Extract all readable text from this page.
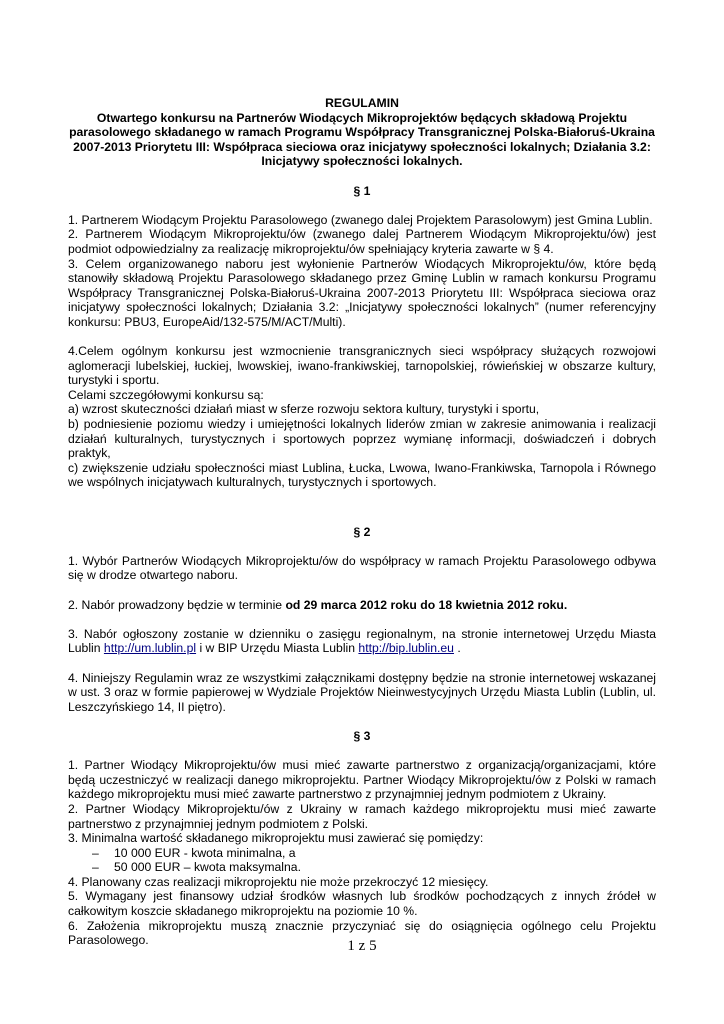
REGULAMIN

Otwartego konkursu na Partnerów Wiodących Mikroprojektów będących składową Projektu parasolowego składanego w ramach Programu Współpracy Transgranicznej Polska-Białoruś-Ukraina 2007-2013 Priorytetu III: Współpraca sieciowa oraz inicjatywy społeczności lokalnych; Działania 3.2: Inicjatywy społeczności lokalnych.

§ 1

1. Partnerem Wiodącym Projektu Parasolowego (zwanego dalej Projektem Parasolowym) jest Gmina Lublin.

2. Partnerem Wiodącym Mikroprojektu/ów (zwanego dalej Partnerem Wiodącym Mikroprojektu/ów) jest podmiot odpowiedzialny za realizację mikroprojektu/ów spełniający kryteria zawarte w § 4.

3. Celem organizowanego naboru jest wyłonienie Partnerów Wiodących Mikroprojektu/ów, które będą stanowiły składową Projektu Parasolowego składanego przez Gminę Lublin w ramach konkursu Programu Współpracy Transgranicznej Polska-Białoruś-Ukraina 2007-2013 Priorytetu III: Współpraca sieciowa oraz inicjatywy społeczności lokalnych; Działania 3.2: „Inicjatywy społeczności lokalnych” (numer referencyjny konkursu: PBU3, EuropeAid/132-575/M/ACT/Multi).

4.Celem ogólnym konkursu jest wzmocnienie transgranicznych sieci współpracy służących rozwojowi aglomeracji lubelskiej, łuckiej, lwowskiej, iwano-frankiwskiej, tarnopolskiej, rówieńskiej w obszarze kultury, turystyki i sportu.

Celami szczegółowymi konkursu są:

a) wzrost skuteczności działań miast w sferze rozwoju sektora kultury, turystyki i sportu,

b) podniesienie poziomu wiedzy i umiejętności lokalnych liderów zmian w zakresie animowania i realizacji działań kulturalnych, turystycznych i sportowych poprzez wymianę informacji, doświadczeń i dobrych praktyk,

c) zwiększenie udziału społeczności miast Lublina, Łucka, Lwowa, Iwano-Frankiwska, Tarnopola i Równego we wspólnych inicjatywach kulturalnych, turystycznych i sportowych.

§ 2

1. Wybór Partnerów Wiodących Mikroprojektu/ów do współpracy w ramach Projektu Parasolowego odbywa się w drodze otwartego naboru.

2. Nabór prowadzony będzie w terminie od 29 marca 2012 roku do 18 kwietnia 2012 roku.

3. Nabór ogłoszony zostanie w dzienniku o zasięgu regionalnym, na stronie internetowej Urzędu Miasta Lublin http://um.lublin.pl i w BIP Urzędu Miasta Lublin http://bip.lublin.eu .

4. Niniejszy Regulamin wraz ze wszystkimi załącznikami dostępny będzie na stronie internetowej wskazanej w ust. 3 oraz w formie papierowej w Wydziale Projektów Nieinwestycyjnych Urzędu Miasta Lublin (Lublin, ul. Leszczyńskiego 14, II piętro).

§ 3

1. Partner Wiodący Mikroprojektu/ów musi mieć zawarte partnerstwo z organizacją/organizacjami, które będą uczestniczyć w realizacji danego mikroprojektu. Partner Wiodący Mikroprojektu/ów z Polski w ramach każdego mikroprojektu musi mieć zawarte partnerstwo z przynajmniej jednym podmiotem z Ukrainy.

2. Partner Wiodący Mikroprojektu/ów z Ukrainy w ramach każdego mikroprojektu musi mieć zawarte partnerstwo z przynajmniej jednym podmiotem z Polski.

3. Minimalna wartość składanego mikroprojektu musi zawierać się pomiędzy:

– 10 000 EUR - kwota minimalna, a
– 50 000 EUR – kwota maksymalna.

4. Planowany czas realizacji mikroprojektu nie może przekroczyć 12 miesięcy.

5. Wymagany jest finansowy udział środków własnych lub środków pochodzących z innych źródeł w całkowitym koszcie składanego mikroprojektu na poziomie 10 %.

6. Założenia mikroprojektu muszą znacznie przyczyniać się do osiągnięcia ogólnego celu Projektu Parasolowego.	1 z 5
